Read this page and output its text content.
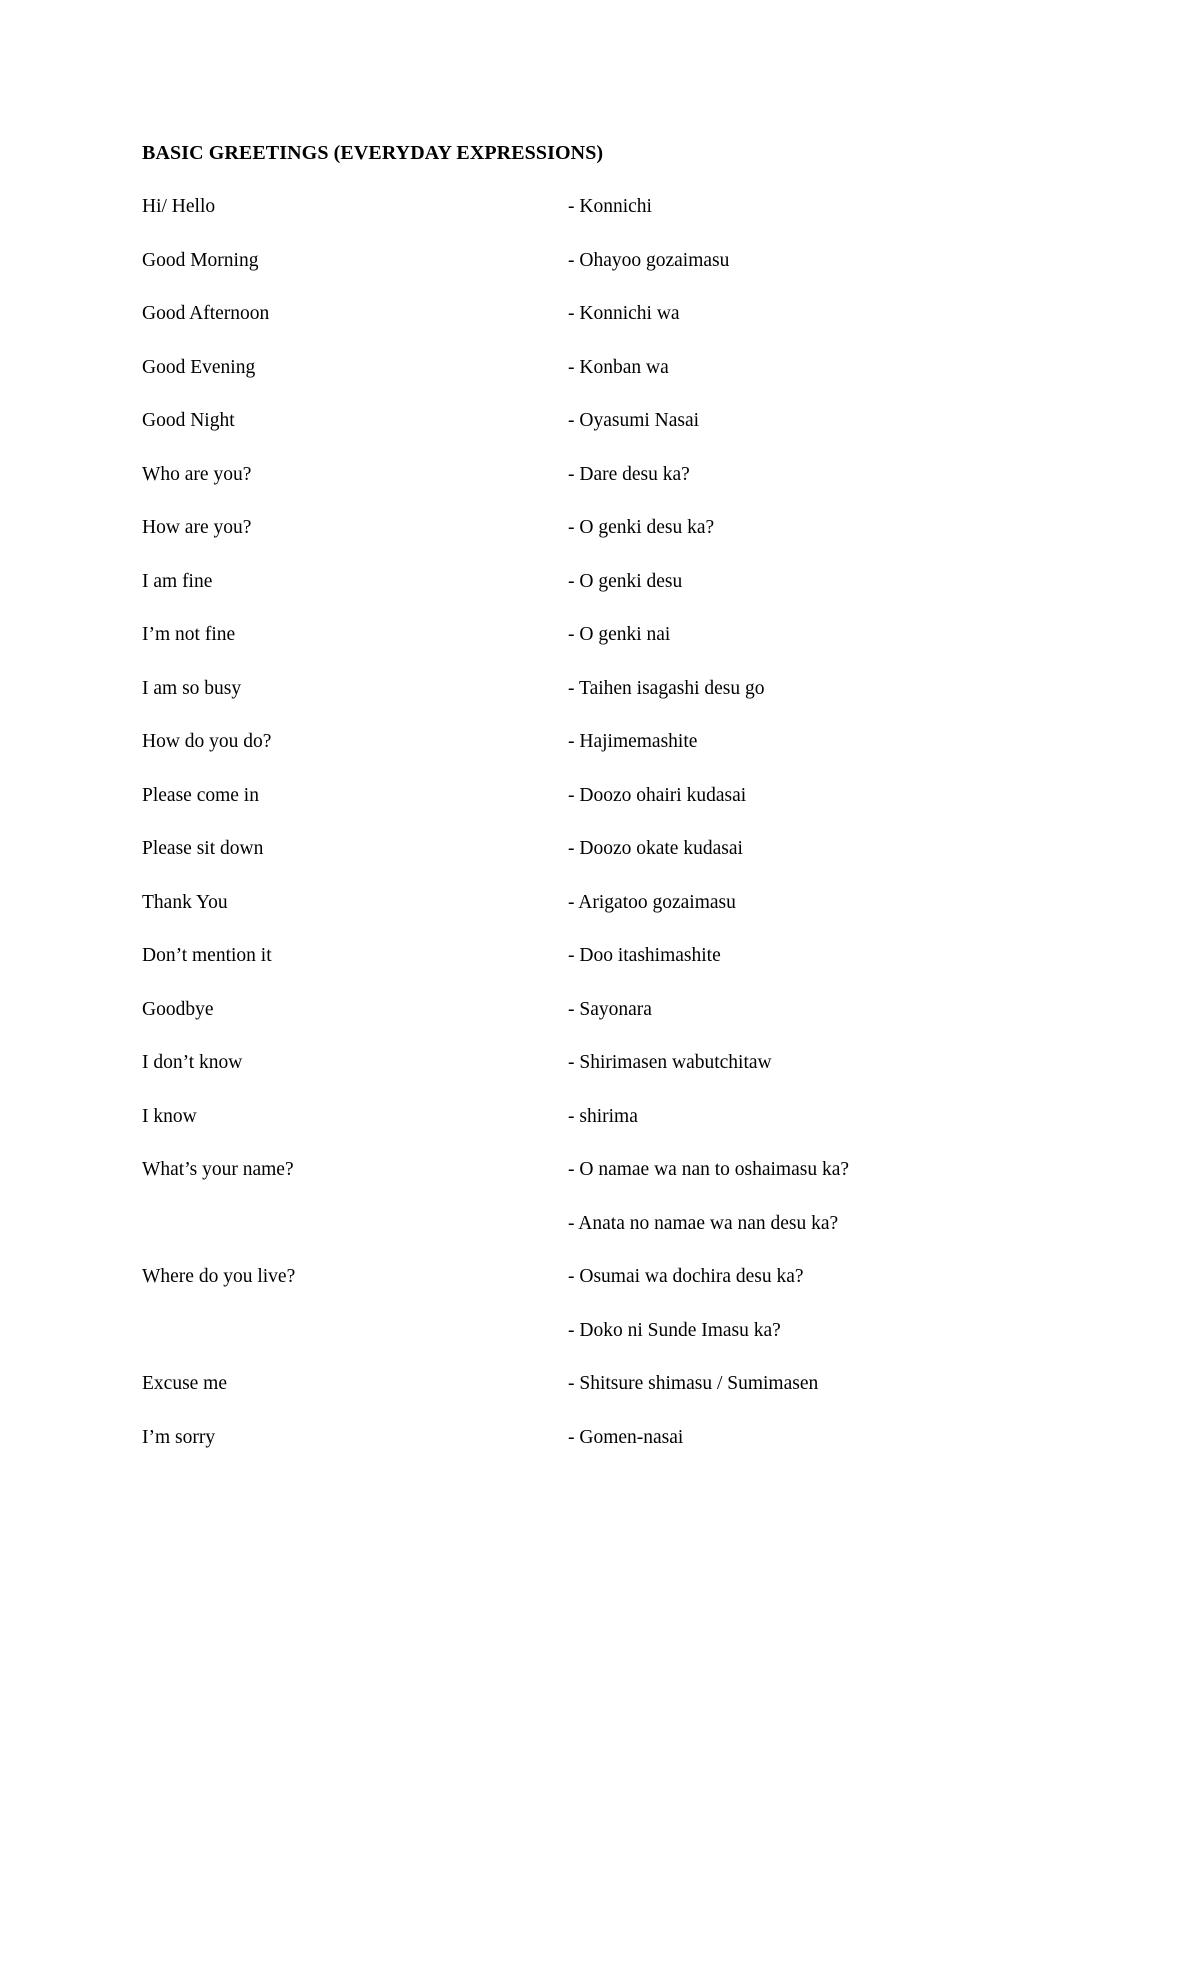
BASIC GREETINGS (EVERYDAY EXPRESSIONS)
Hi/ Hello	- Konnichi
Good Morning	- Ohayoo gozaimasu
Good Afternoon	- Konnichi wa
Good Evening	- Konban wa
Good Night	- Oyasumi Nasai
Who are you?	- Dare desu ka?
How are you?	- O genki desu ka?
I am fine	- O genki desu
I’m not fine	- O genki nai
I am so busy	- Taihen isagashi desu go
How do you do?	- Hajimemashite
Please come in	- Doozo ohairi kudasai
Please sit down	- Doozo okate kudasai
Thank You	- Arigatoo gozaimasu
Don’t mention it	- Doo itashimashite
Goodbye	- Sayonara
I don’t know	- Shirimasen wabutchitaw
I know	- shirima
What’s your name?	- O namae wa nan to oshaimasu ka?
- Anata no namae wa nan desu ka?
Where do you live?	- Osumai wa dochira desu ka?
- Doko ni Sunde Imasu ka?
Excuse me	- Shitsure shimasu / Sumimasen
I’m sorry	- Gomen-nasai
